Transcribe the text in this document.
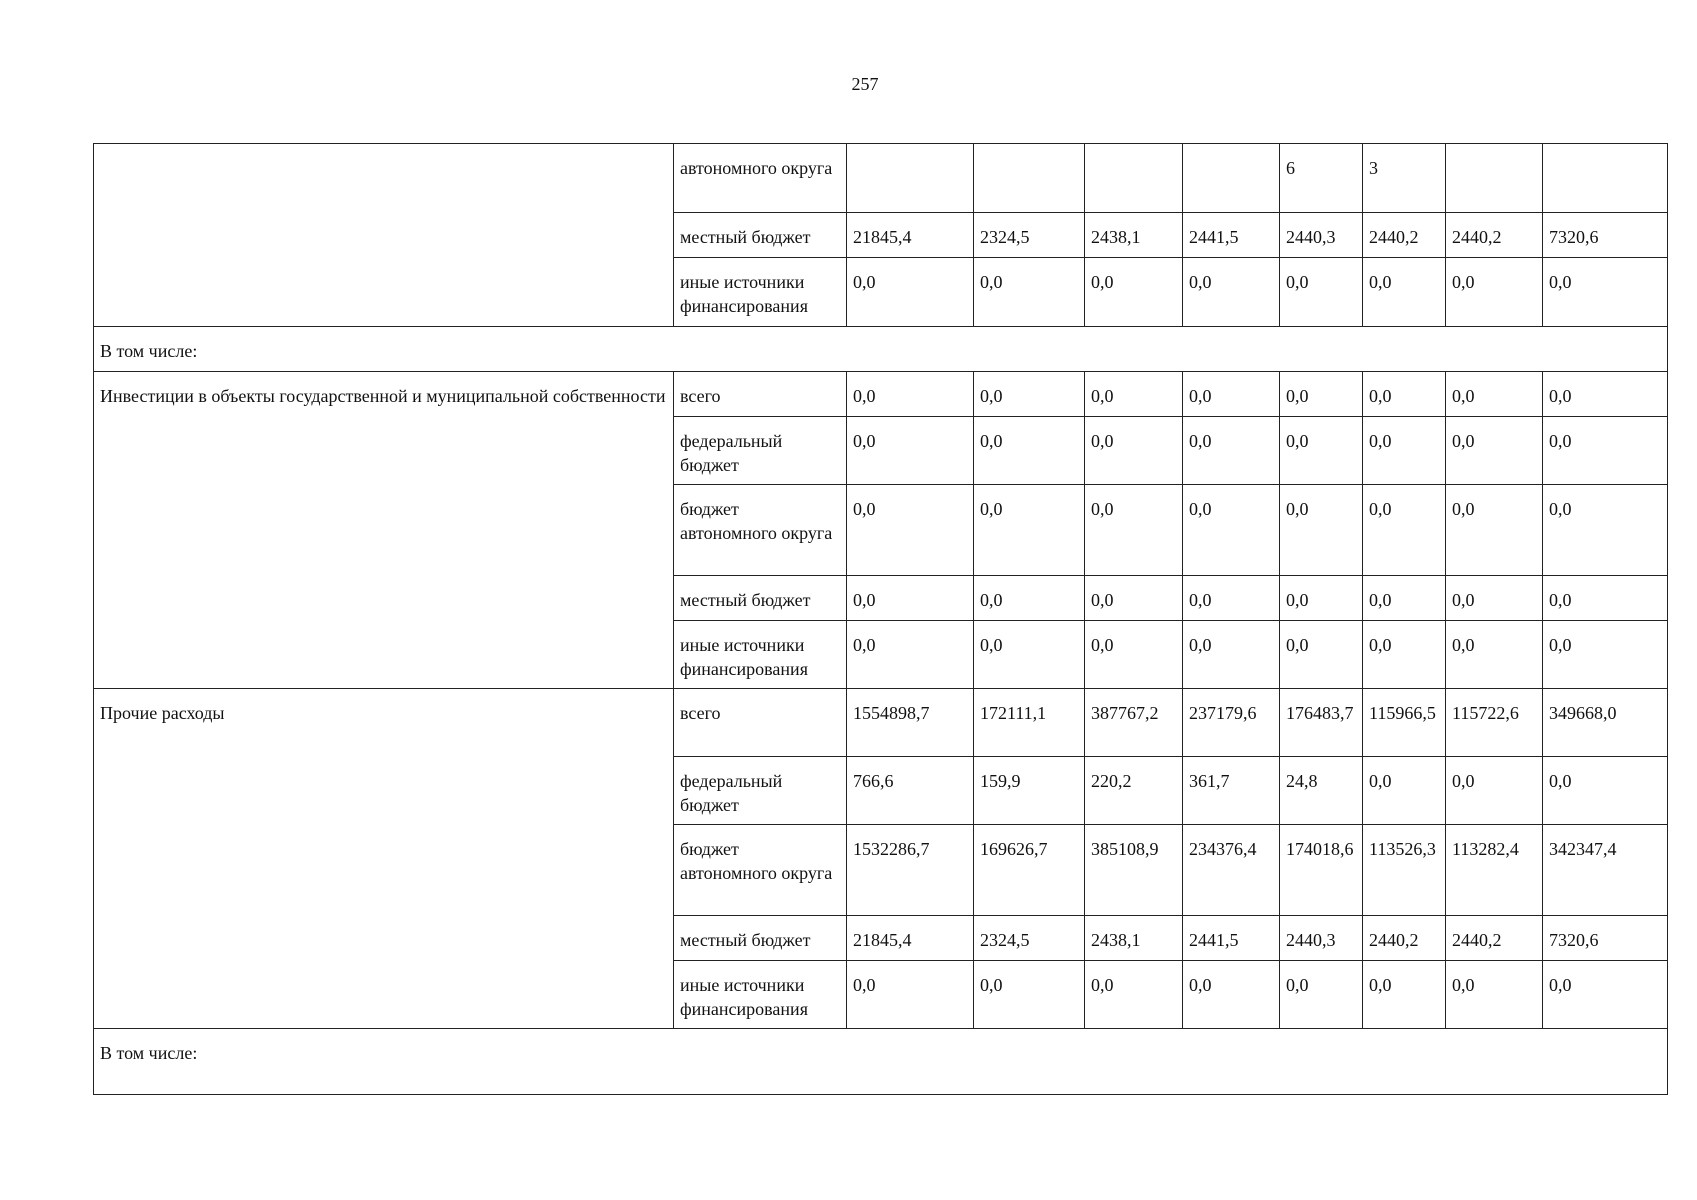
257
	автономного округа					6	3		
	местный бюджет	21845,4	2324,5	2438,1	2441,5	2440,3	2440,2	2440,2	7320,6
	иные источники финансирования	0,0	0,0	0,0	0,0	0,0	0,0	0,0	0,0
В том числе:									
Инвестиции в объекты государственной и муниципальной собственности	всего	0,0	0,0	0,0	0,0	0,0	0,0	0,0	0,0
	федеральный бюджет	0,0	0,0	0,0	0,0	0,0	0,0	0,0	0,0
	бюджет автономного округа	0,0	0,0	0,0	0,0	0,0	0,0	0,0	0,0
	местный бюджет	0,0	0,0	0,0	0,0	0,0	0,0	0,0	0,0
	иные источники финансирования	0,0	0,0	0,0	0,0	0,0	0,0	0,0	0,0
Прочие расходы	всего	1554898,7	172111,1	387767,2	237179,6	176483,7	115966,5	115722,6	349668,0
	федеральный бюджет	766,6	159,9	220,2	361,7	24,8	0,0	0,0	0,0
	бюджет автономного округа	1532286,7	169626,7	385108,9	234376,4	174018,6	113526,3	113282,4	342347,4
	местный бюджет	21845,4	2324,5	2438,1	2441,5	2440,3	2440,2	2440,2	7320,6
	иные источники финансирования	0,0	0,0	0,0	0,0	0,0	0,0	0,0	0,0
В том числе:									
